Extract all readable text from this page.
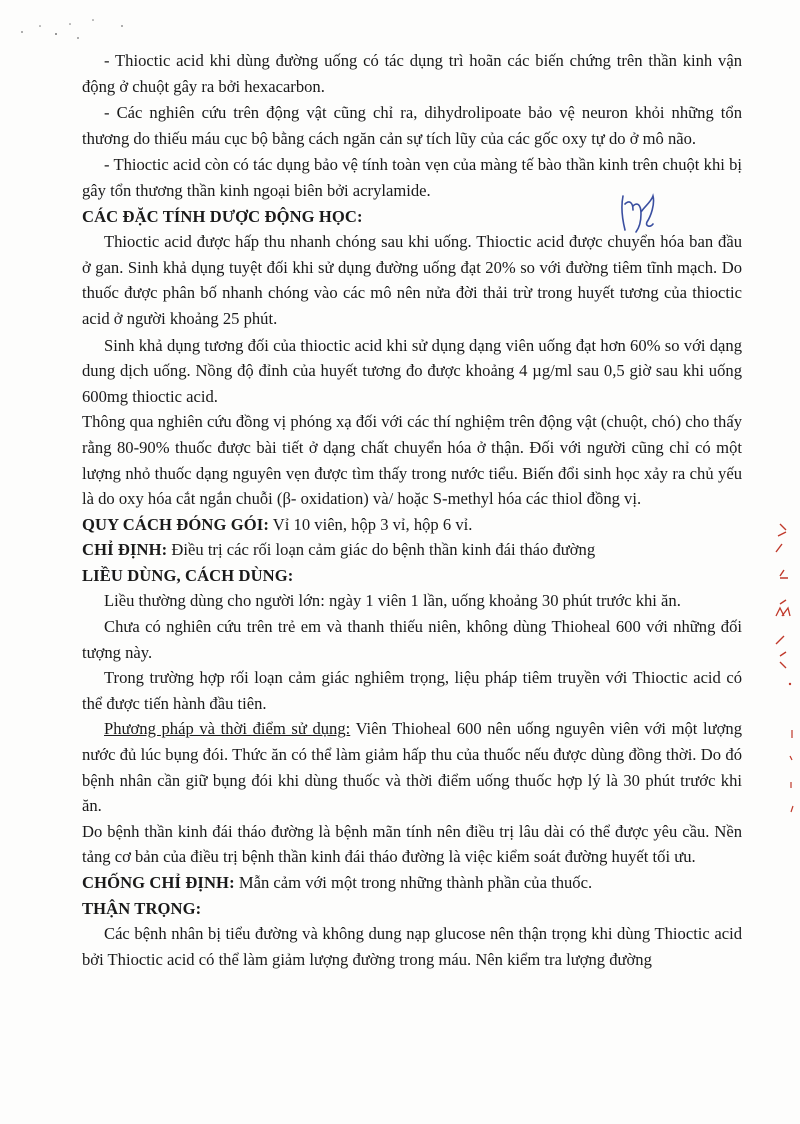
- Thioctic acid khi dùng đường uống có tác dụng trì hoãn các biến chứng trên thần kinh vận động ở chuột gây ra bởi hexacarbon.

- Các nghiên cứu trên động vật cũng chỉ ra, dihydrolipoate bảo vệ neuron khỏi những tổn thương do thiếu máu cục bộ bằng cách ngăn cản sự tích lũy của các gốc oxy tự do ở mô não.

- Thioctic acid còn có tác dụng bảo vệ tính toàn vẹn của màng tế bào thần kinh trên chuột khi bị gây tổn thương thần kinh ngoại biên bởi acrylamide.

CÁC ĐẶC TÍNH DƯỢC ĐỘNG HỌC:

Thioctic acid được hấp thu nhanh chóng sau khi uống. Thioctic acid được chuyển hóa ban đầu ở gan. Sinh khả dụng tuyệt đối khi sử dụng đường uống đạt 20% so với đường tiêm tĩnh mạch. Do thuốc được phân bố nhanh chóng vào các mô nên nửa đời thải trừ trong huyết tương của thioctic acid ở người khoảng 25 phút.

Sinh khả dụng tương đối của thioctic acid khi sử dụng dạng viên uống đạt hơn 60% so với dạng dung dịch uống. Nồng độ đỉnh của huyết tương đo được khoảng 4 µg/ml sau 0,5 giờ sau khi uống 600mg thioctic acid.

Thông qua nghiên cứu đồng vị phóng xạ đối với các thí nghiệm trên động vật (chuột, chó) cho thấy rằng 80-90% thuốc được bài tiết ở dạng chất chuyển hóa ở thận. Đối với người cũng chỉ có một lượng nhỏ thuốc dạng nguyên vẹn được tìm thấy trong nước tiểu. Biến đổi sinh học xảy ra chủ yếu là do oxy hóa cắt ngắn chuỗi (β- oxidation) và/ hoặc S-methyl hóa các thiol đồng vị.

QUY CÁCH ĐÓNG GÓI: Vỉ 10 viên, hộp 3 vỉ, hộp 6 vỉ.

CHỈ ĐỊNH: Điều trị các rối loạn cảm giác do bệnh thần kinh đái tháo đường

LIỀU DÙNG, CÁCH DÙNG:

Liều thường dùng cho người lớn: ngày 1 viên 1 lần, uống khoảng 30 phút trước khi ăn.

Chưa có nghiên cứu trên trẻ em và thanh thiếu niên, không dùng Thioheal 600 với những đối tượng này.

Trong trường hợp rối loạn cảm giác nghiêm trọng, liệu pháp tiêm truyền với Thioctic acid có thể được tiến hành đầu tiên.

Phương pháp và thời điểm sử dụng: Viên Thioheal 600 nên uống nguyên viên với một lượng nước đủ lúc bụng đói. Thức ăn có thể làm giảm hấp thu của thuốc nếu được dùng đồng thời. Do đó bệnh nhân cần giữ bụng đói khi dùng thuốc và thời điểm uống thuốc hợp lý là 30 phút trước khi ăn.

Do bệnh thần kinh đái tháo đường là bệnh mãn tính nên điều trị lâu dài có thể được yêu cầu. Nền tảng cơ bản của điều trị bệnh thần kinh đái tháo đường là việc kiểm soát đường huyết tối ưu.

CHỐNG CHỈ ĐỊNH: Mẫn cảm với một trong những thành phần của thuốc.

THẬN TRỌNG:

Các bệnh nhân bị tiểu đường và không dung nạp glucose nên thận trọng khi dùng Thioctic acid bởi Thioctic acid có thể làm giảm lượng đường trong máu. Nên kiểm tra lượng đường
